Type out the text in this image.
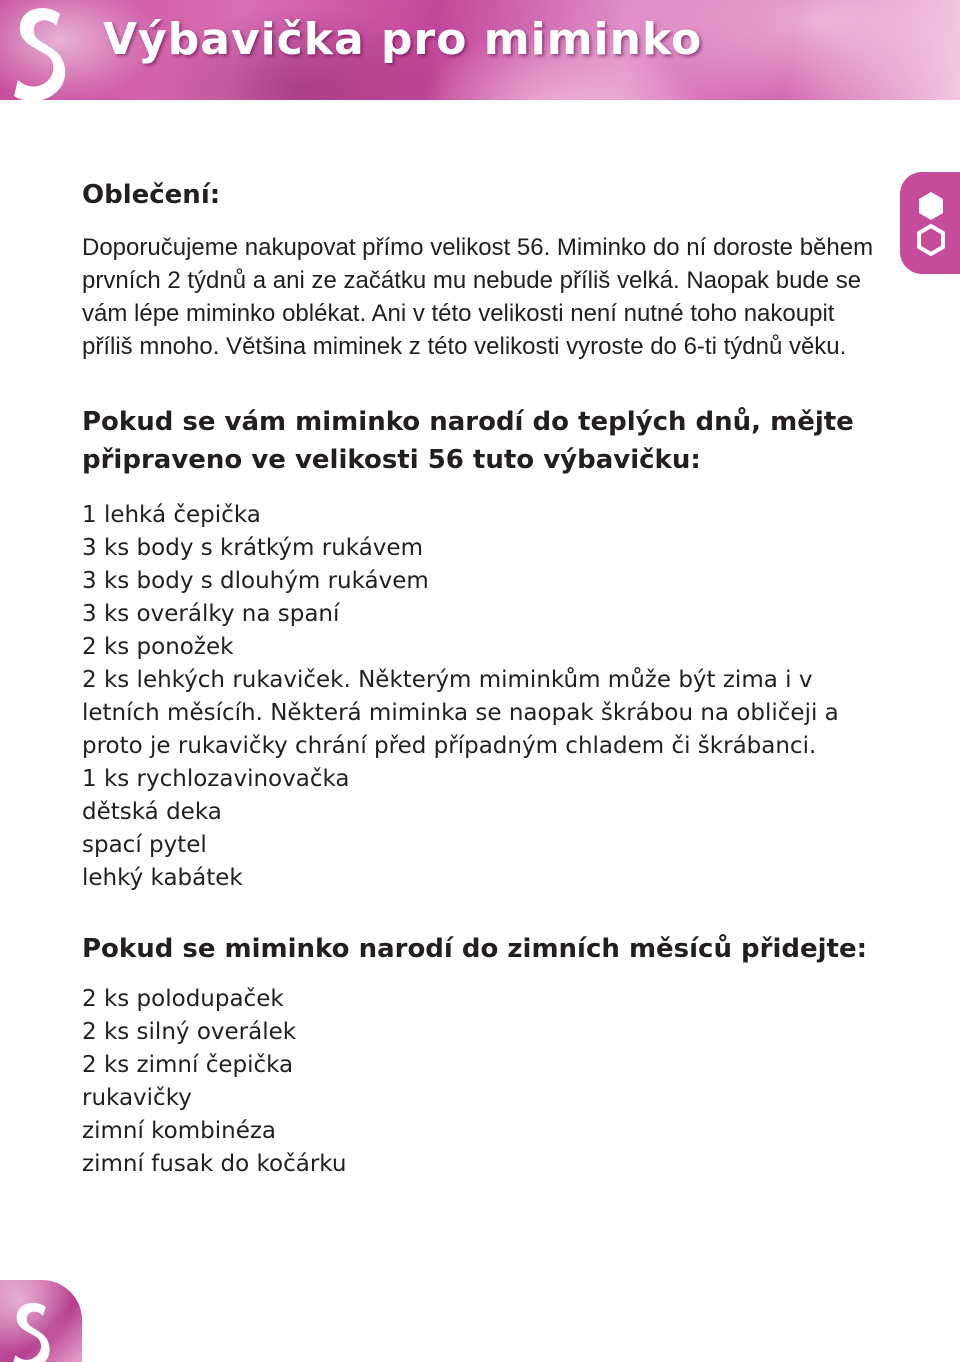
Výbavička pro miminko
Oblečení:

Doporučujeme nakupovat přímo velikost 56. Miminko do ní doroste během prvních 2 týdnů a ani ze začátku mu nebude příliš velká. Naopak bude se vám lépe miminko oblékat. Ani v této velikosti není nutné toho nakoupit příliš mnoho. Většina miminek z této velikosti vyroste do 6-ti týdnů věku.

Pokud se vám miminko narodí do teplých dnů, mějte připraveno ve velikosti 56 tuto výbavičku:
1 lehká čepička
3 ks body s krátkým rukávem
3 ks body s dlouhým rukávem
3 ks overálky na spaní
2 ks ponožek
2 ks lehkých rukaviček. Některým miminkům může být zima i v letních měsícíh. Některá miminka se naopak škrábou na obličeji a proto je rukavičky chrání před případným chladem či škrábanci.
1 ks rychlozavinovačka
dětská deka
spací pytel
lehký kabátek
Pokud se miminko narodí do zimních měsíců přidejte:
2 ks polodupaček
2 ks silný overálek
2 ks zimní čepička
rukavičky
zimní kombinéza
zimní fusak do kočárku
